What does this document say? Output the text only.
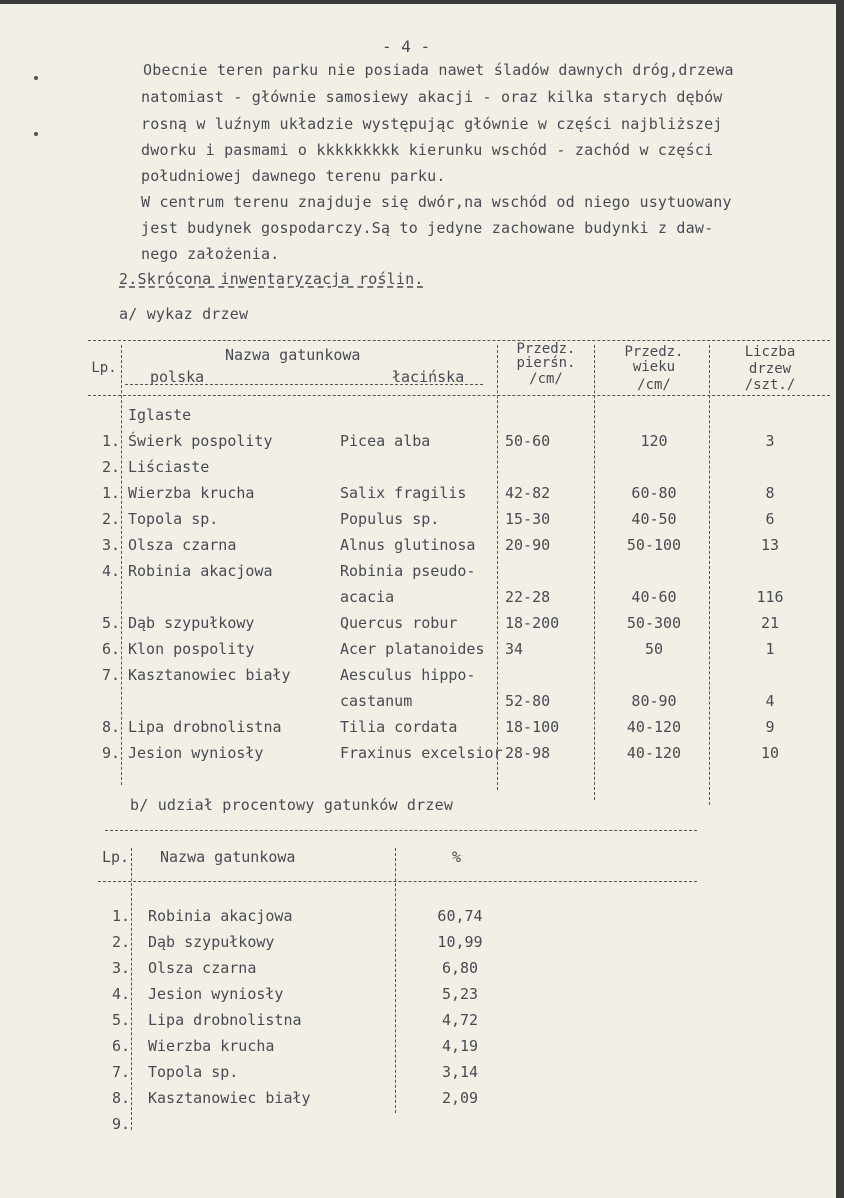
- 4 -
Obecnie teren parku nie posiada nawet śladów dawnych dróg,drzewa
natomiast - głównie samosiewy akacji - oraz kilka starych dębów
rosną w luźnym układzie występując głównie w części najbliższej
dworku i pasmami o kkkkkkkkk kierunku wschód - zachód w części
południowej dawnego terenu parku.
W centrum terenu znajduje się dwór,na wschód od niego usytuowany
jest budynek gospodarczy.Są to jedyne zachowane budynki z daw-
nego założenia.
2.Skrócona inwentaryzacja roślin.
a/ wykaz drzew
Lp.
Nazwa gatunkowa
polska	łacińska
Przedz.
pierśn.
/cm/
Przedz.
wieku
/cm/
Liczba
drzew
/szt./
Iglaste
1. Świerk pospolity	Picea alba	50-60	120	3
2. Liściaste
1. Wierzba krucha	Salix fragilis	42-82	60-80	8
2. Topola sp.	Populus sp.	15-30	40-50	6
3. Olsza czarna	Alnus glutinosa	20-90	50-100	13
4. Robinia akacjowa	Robinia pseudo-
acacia	22-28	40-60	116
5. Dąb szypułkowy	Quercus robur	18-200	50-300	21
6. Klon pospolity	Acer platanoides	34	50	1
7. Kasztanowiec biały	Aesculus hippo-
castanum	52-80	80-90	4
8. Lipa drobnolistna	Tilia cordata	18-100	40-120	9
9. Jesion wyniosły	Fraxinus excelsior 28-98	40-120	10
b/ udział procentowy gatunków drzew
Lp. Nazwa gatunkowa	%
1. Robinia akacjowa	60,74
2. Dąb szypułkowy	10,99
3. Olsza czarna	6,80
4. Jesion wyniosły	5,23
5. Lipa drobnolistna	4,72
6. Wierzba krucha	4,19
7. Topola sp.	3,14
8. Kasztanowiec biały	2,09
9.
